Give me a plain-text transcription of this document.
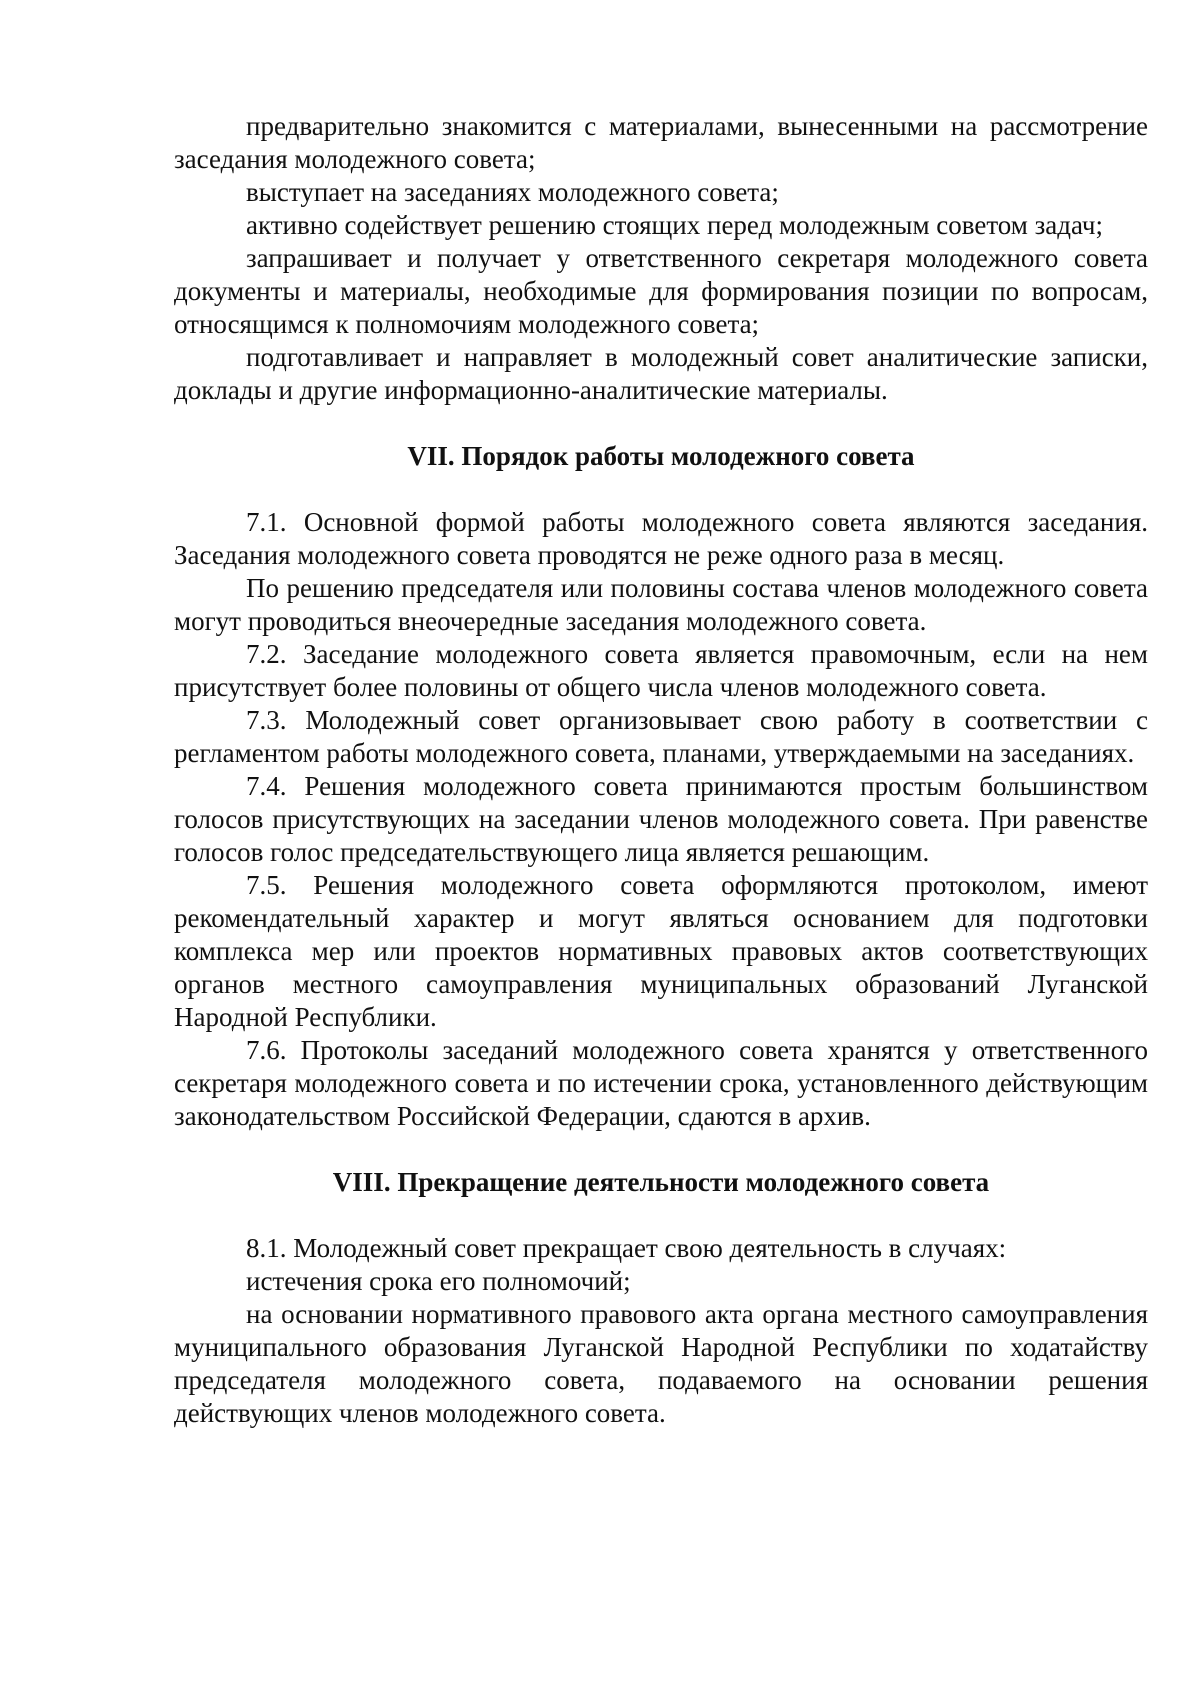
предварительно знакомится с материалами, вынесенными на рассмотрение заседания молодежного совета;

выступает на заседаниях молодежного совета;

активно содействует решению стоящих перед молодежным советом задач;

запрашивает и получает у ответственного секретаря молодежного совета документы и материалы, необходимые для формирования позиции по вопросам, относящимся к полномочиям молодежного совета;

подготавливает и направляет в молодежный совет аналитические записки, доклады и другие информационно-аналитические материалы.

VII. Порядок работы молодежного совета

7.1. Основной формой работы молодежного совета являются заседания. Заседания молодежного совета проводятся не реже одного раза в месяц.

По решению председателя или половины состава членов молодежного совета могут проводиться внеочередные заседания молодежного совета.

7.2. Заседание молодежного совета является правомочным, если на нем присутствует более половины от общего числа членов молодежного совета.

7.3. Молодежный совет организовывает свою работу в соответствии с регламентом работы молодежного совета, планами, утверждаемыми на заседаниях.

7.4. Решения молодежного совета принимаются простым большинством голосов присутствующих на заседании членов молодежного совета. При равенстве голосов голос председательствующего лица является решающим.

7.5. Решения молодежного совета оформляются протоколом, имеют рекомендательный характер и могут являться основанием для подготовки комплекса мер или проектов нормативных правовых актов соответствующих органов местного самоуправления муниципальных образований Луганской Народной Республики.

7.6. Протоколы заседаний молодежного совета хранятся у ответственного секретаря молодежного совета и по истечении срока, установленного действующим законодательством Российской Федерации, сдаются в архив.

VIII. Прекращение деятельности молодежного совета

8.1. Молодежный совет прекращает свою деятельность в случаях:

истечения срока его полномочий;

на основании нормативного правового акта органа местного самоуправления муниципального образования Луганской Народной Республики по ходатайству председателя молодежного совета, подаваемого на основании решения действующих членов молодежного совета.
